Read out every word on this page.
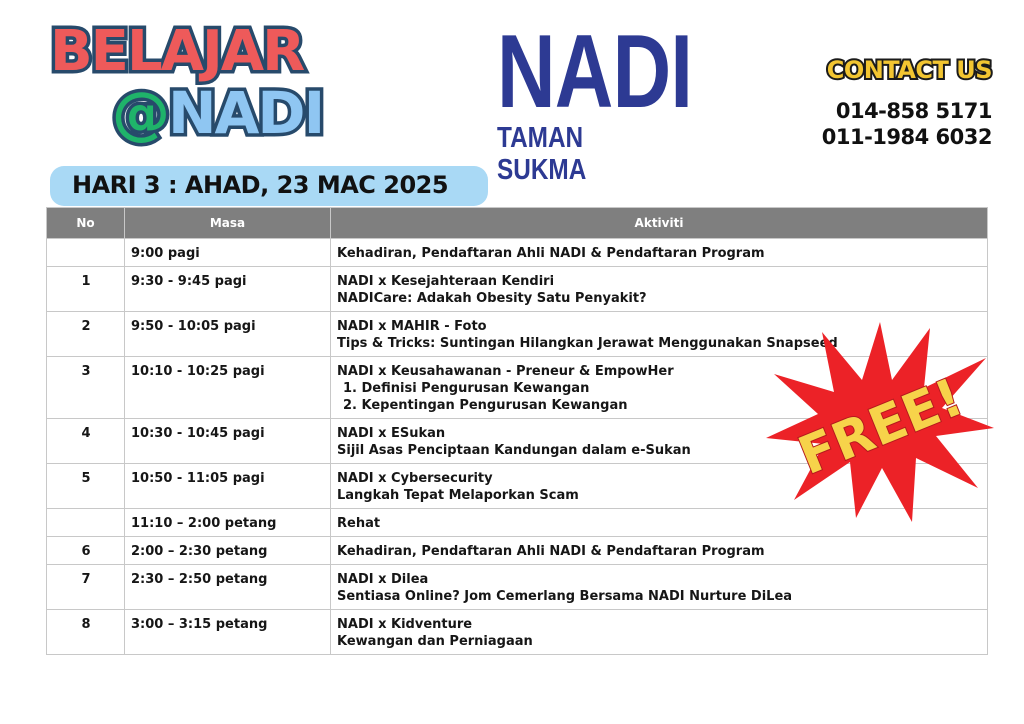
BELAJAR
@NADI NADI
TAMAN SUKMA
CONTACT US
014-858 5171
011-1984 6032
HARI 3 : AHAD, 23 MAC 2025
No	Masa	Aktiviti
	9:00 pagi	Kehadiran, Pendaftaran Ahli NADI & Pendaftaran Program

1	9:30 - 9:45 pagi	NADI x Kesejahteraan Kendiri
NADICare: Adakah Obesity Satu Penyakit?

2	9:50 - 10:05 pagi	NADI x MAHIR - Foto
Tips & Tricks: Suntingan Hilangkan Jerawat Menggunakan Snapseed

3	10:10 - 10:25 pagi	NADI x Keusahawanan - Preneur & EmpowHer
1. Definisi Pengurusan Kewangan
2. Kepentingan Pengurusan Kewangan

4	10:30 - 10:45 pagi	NADI x ESukan
Sijil Asas Penciptaan Kandungan dalam e-Sukan

5	10:50 - 11:05 pagi	NADI x Cybersecurity
Langkah Tepat Melaporkan Scam

	11:10 – 2:00 petang	Rehat

6	2:00 – 2:30 petang	Kehadiran, Pendaftaran Ahli NADI & Pendaftaran Program

7	2:30 – 2:50 petang	NADI x Dilea
Sentiasa Online? Jom Cemerlang Bersama NADI Nurture DiLea

8	3:00 – 3:15 petang	NADI x Kidventure
Kewangan dan Perniagaan
FREE!
